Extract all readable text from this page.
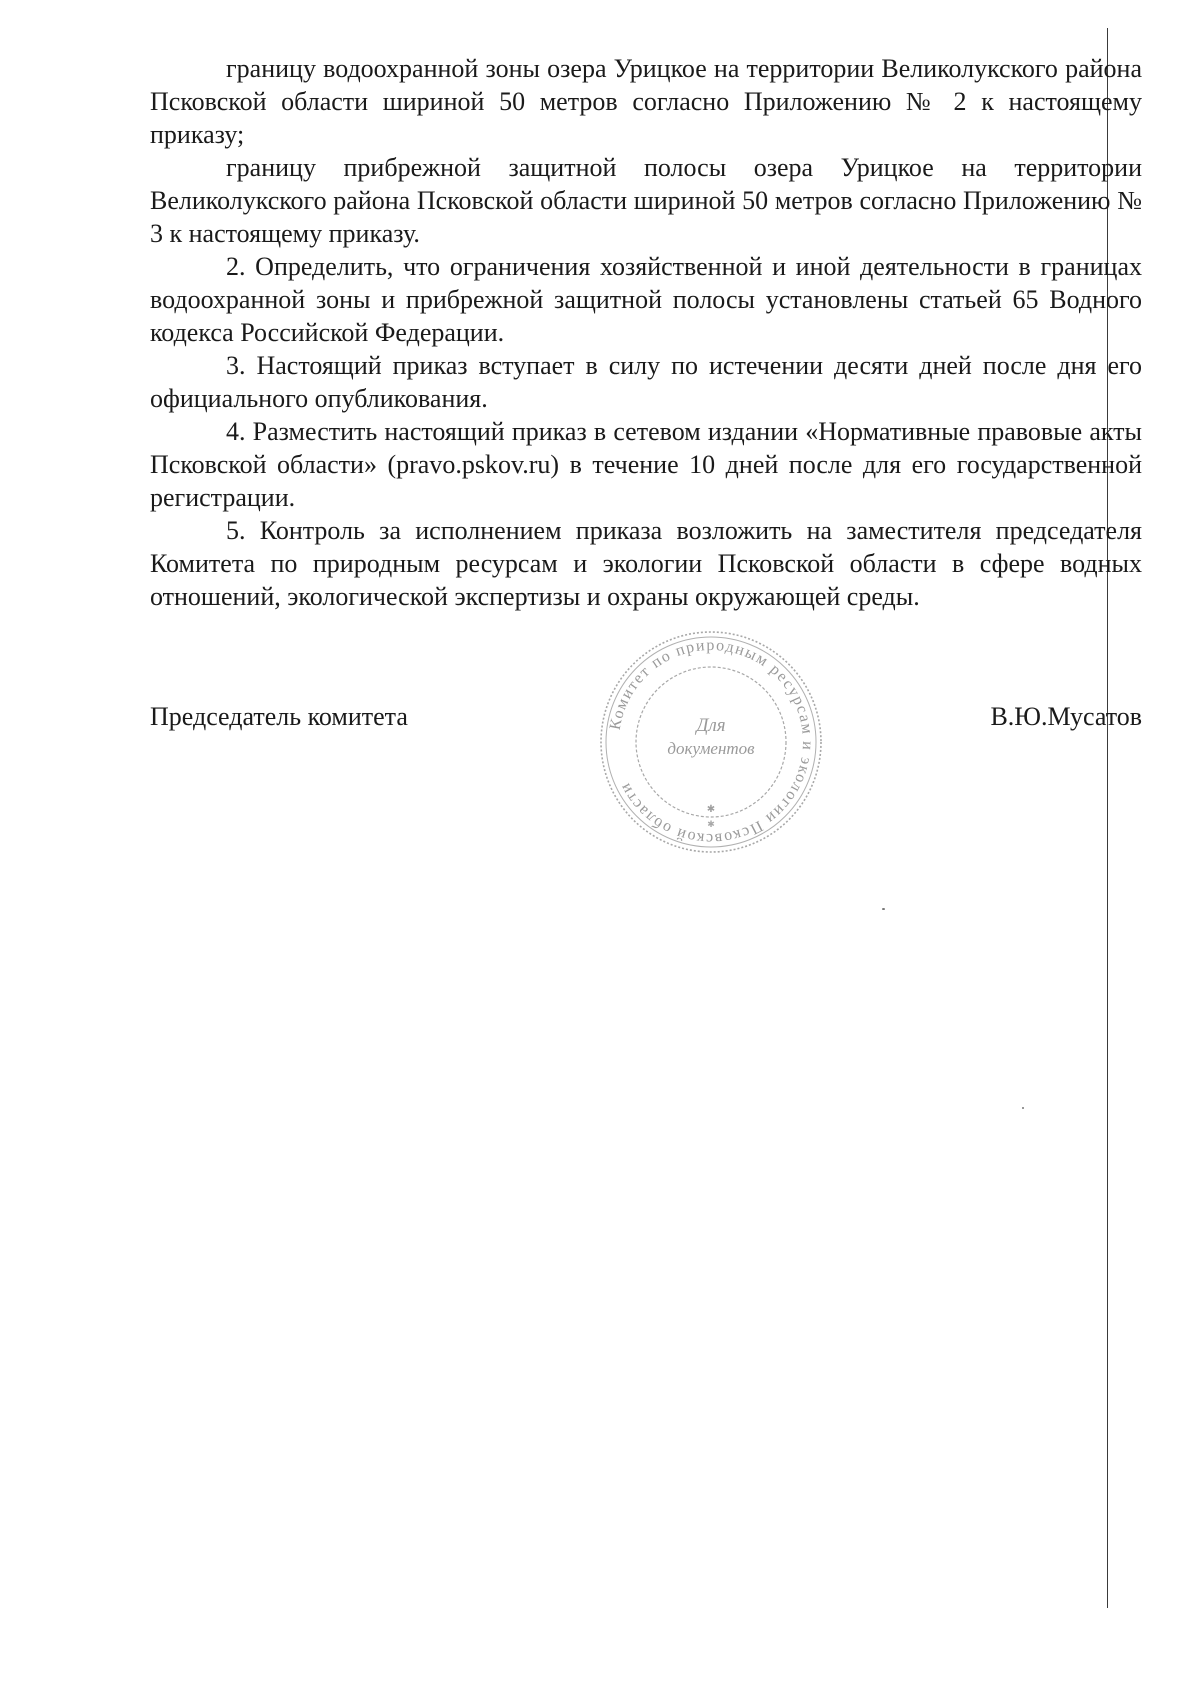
границу водоохранной зоны озера Урицкое на территории Великолукского района Псковской области шириной 50 метров согласно Приложению № 2 к настоящему приказу;

границу прибрежной защитной полосы озера Урицкое на территории Великолукского района Псковской области шириной 50 метров согласно Приложению № 3 к настоящему приказу.

2. Определить, что ограничения хозяйственной и иной деятельности в границах водоохранной зоны и прибрежной защитной полосы установлены статьей 65 Водного кодекса Российской Федерации.

3. Настоящий приказ вступает в силу по истечении десяти дней после дня его официального опубликования.

4. Разместить настоящий приказ в сетевом издании «Нормативные правовые акты Псковской области» (pravo.pskov.ru) в течение 10 дней после для его государственной регистрации.

5. Контроль за исполнением приказа возложить на заместителя председателя Комитета по природным ресурсам и экологии Псковской области в сфере водных отношений, экологической экспертизы и охраны окружающей среды.

Председатель комитета	В.Ю.Мусатов
Комитет по природным ресурсам и экологии Псковской области
Для
документов
✱
✱
